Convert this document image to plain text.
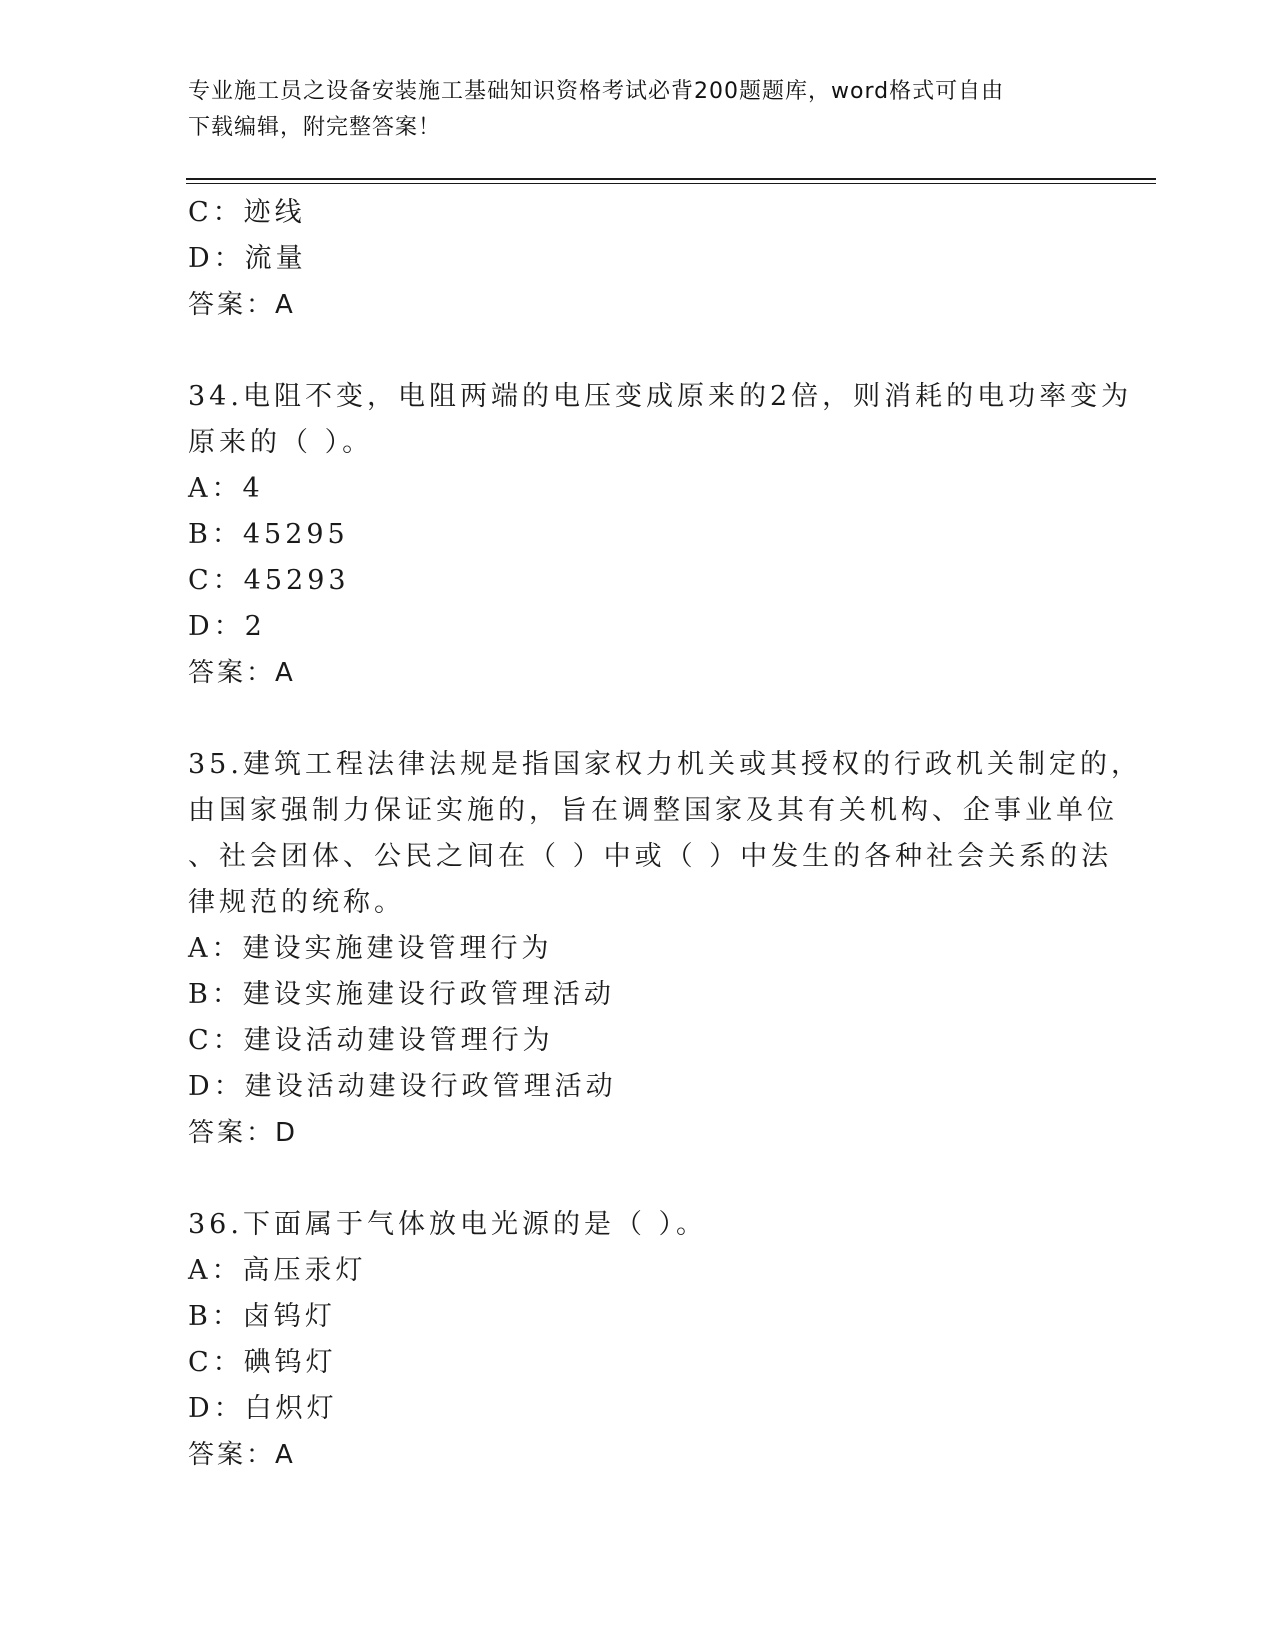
专业施工员之设备安装施工基础知识资格考试必背200题题库，word格式可自由
下载编辑，附完整答案！
C：迹线
D：流量
答案：A
34.电阻不变，电阻两端的电压变成原来的2倍，则消耗的电功率变为
原来的（ ）。
A：4
B：45295
C：45293
D：2
答案：A
35.建筑工程法律法规是指国家权力机关或其授权的行政机关制定的，
由国家强制力保证实施的，旨在调整国家及其有关机构、企事业单位
、社会团体、公民之间在（ ）中或（ ）中发生的各种社会关系的法
律规范的统称。
A：建设实施建设管理行为
B：建设实施建设行政管理活动
C：建设活动建设管理行为
D：建设活动建设行政管理活动
答案：D
36.下面属于气体放电光源的是（ ）。
A：高压汞灯
B：卤钨灯
C：碘钨灯
D：白炽灯
答案：A
